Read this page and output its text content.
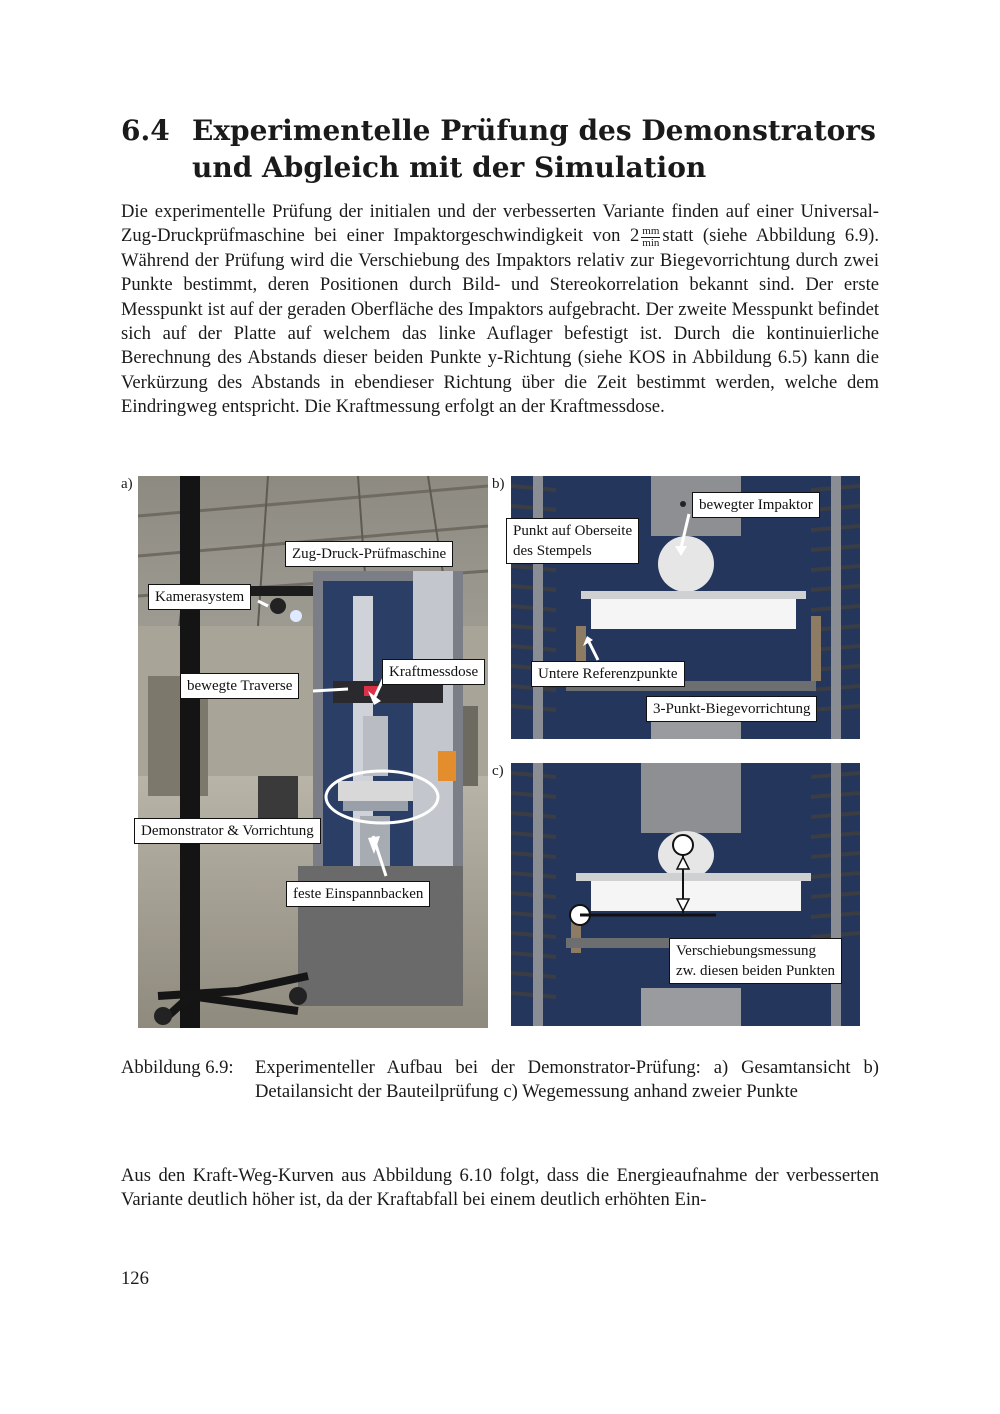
6.4 Experimentelle Prüfung des Demonstrators und Abgleich mit der Simulation
Die experimentelle Prüfung der initialen und der verbesserten Variante finden auf einer Universal-Zug-Druckprüfmaschine bei einer Impaktorgeschwindigkeit von $2 \frac{mm}{\min}$ statt (siehe Abbildung 6.9). Während der Prüfung wird die Verschiebung des Impaktors relativ zur Biegevorrichtung durch zwei Punkte bestimmt, deren Positionen durch Bild- und Stereokorrelation bekannt sind. Der erste Messpunkt ist auf der geraden Oberfläche des Impaktors aufgebracht. Der zweite Messpunkt befindet sich auf der Platte auf welchem das linke Auflager befestigt ist. Durch die kontinuierliche Berechnung des Abstands dieser beiden Punkte y-Richtung (siehe KOS in Abbildung 6.5) kann die Verkürzung des Abstands in ebendieser Richtung über die Zeit bestimmt werden, welche dem Eindringweg entspricht. Die Kraftmessung erfolgt an der Kraftmessdose.
a)
Zug-Druck-Prüfmaschine
Kamerasystem
bewegte Traverse
Kraftmessdose
Demonstrator & Vorrichtung
feste Einspannbacken
b)
bewegter Impaktor
Punkt auf Oberseite
des Stempels
Untere Referenzpunkte
3-Punkt-Biegevorrichtung
c)
Verschiebungsmessung
zw. diesen beiden Punkten
Abbildung 6.9: Experimenteller Aufbau bei der Demonstrator-Prüfung: a) Gesamtansicht b) Detailansicht der Bauteilprüfung c) Wegemessung anhand zweier Punkte
Aus den Kraft-Weg-Kurven aus Abbildung 6.10 folgt, dass die Energieaufnahme der verbesserten Variante deutlich höher ist, da der Kraftabfall bei einem deutlich erhöhten Ein-
126
